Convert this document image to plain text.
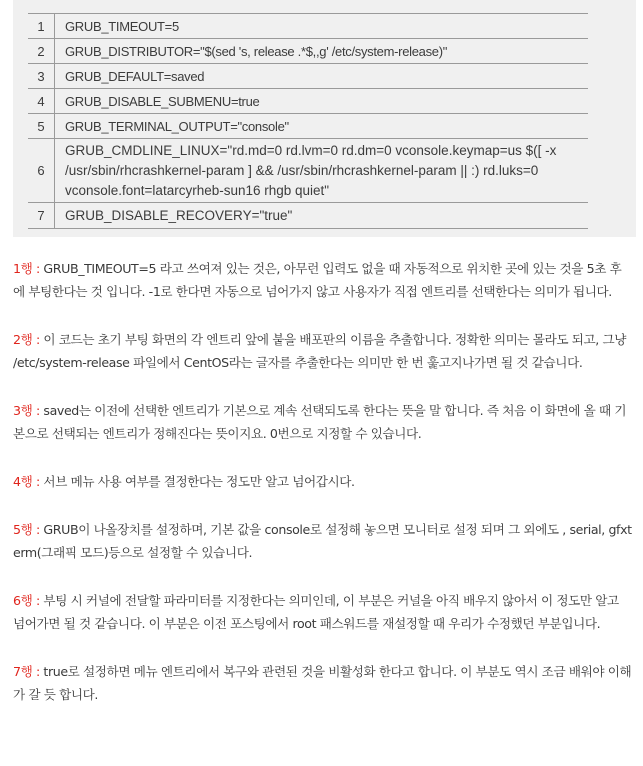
1	GRUB_TIMEOUT=5
2	GRUB_DISTRIBUTOR="$(sed 's, release .*$,,g' /etc/system-release)"
3	GRUB_DEFAULT=saved
4	GRUB_DISABLE_SUBMENU=true
5	GRUB_TERMINAL_OUTPUT="console"
6	GRUB_CMDLINE_LINUX="rd.md=0 rd.lvm=0 rd.dm=0 vconsole.keymap=us $([ -x /usr/sbin/rhcrashkernel-param ] && /usr/sbin/rhcrashkernel-param || :) rd.luks=0 vconsole.font=latarcyrheb-sun16 rhgb quiet"
7	GRUB_DISABLE_RECOVERY="true"

1행 : GRUB_TIMEOUT=5 라고 쓰여져 있는 것은, 아무런 입력도 없을 때 자동적으로 위치한 곳에 있는 것을 5초 후에 부팅한다는 것 입니다. -1로 한다면 자동으로 넘어가지 않고 사용자가 직접 엔트리를 선택한다는 의미가 됩니다.

2행 : 이 코드는 초기 부팅 화면의 각 엔트리 앞에 붙을 배포판의 이름을 추출합니다. 정확한 의미는 몰라도 되고, 그냥 /etc/system-release 파일에서 CentOS라는 글자를 추출한다는 의미만 한 번 훑고지나가면 될 것 같습니다.

3행 : saved는 이전에 선택한 엔트리가 기본으로 계속 선택되도록 한다는 뜻을 말 합니다. 즉 처음 이 화면에 올 때 기본으로 선택되는 엔트리가 정해진다는 뜻이지요. 0번으로 지정할 수 있습니다.

4행 : 서브 메뉴 사용 여부를 결정한다는 정도만 알고 넘어갑시다.

5행 : GRUB이 나올장치를 설정하며, 기본 값을 console로 설정해 놓으면 모니터로 설정 되며 그 외에도 , serial, gfxterm(그래픽 모드)등으로 설정할 수 있습니다.

6행 : 부팅 시 커널에 전달할 파라미터를 지정한다는 의미인데, 이 부분은 커널을 아직 배우지 않아서 이 정도만 알고 넘어가면 될 것 같습니다. 이 부분은 이전 포스팅에서 root 패스워드를 재설정할 때 우리가 수정했던 부분입니다.

7행 : true로 설정하면 메뉴 엔트리에서 복구와 관련된 것을 비활성화 한다고 합니다. 이 부분도 역시 조금 배워야 이해가 갈 듯 합니다.
